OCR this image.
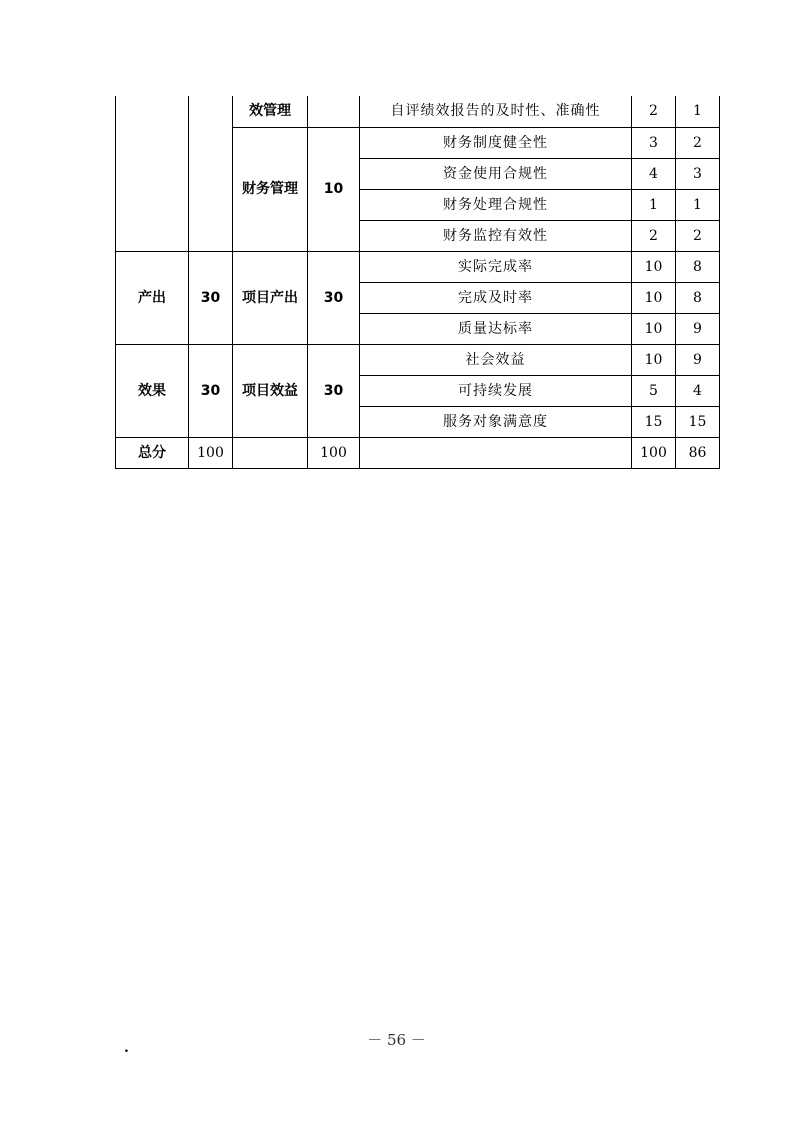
		效管理		自评绩效报告的及时性、准确性	2	1
		财务管理	10	财务制度健全性	3	2
				资金使用合规性	4	3
				财务处理合规性	1	1
				财务监控有效性	2	2
产出	30	项目产出	30	实际完成率	10	8
				完成及时率	10	8
				质量达标率	10	9
效果	30	项目效益	30	社会效益	10	9
				可持续发展	5	4
				服务对象满意度	15	15
总分	100		100		100	86
－ 56 －
.
